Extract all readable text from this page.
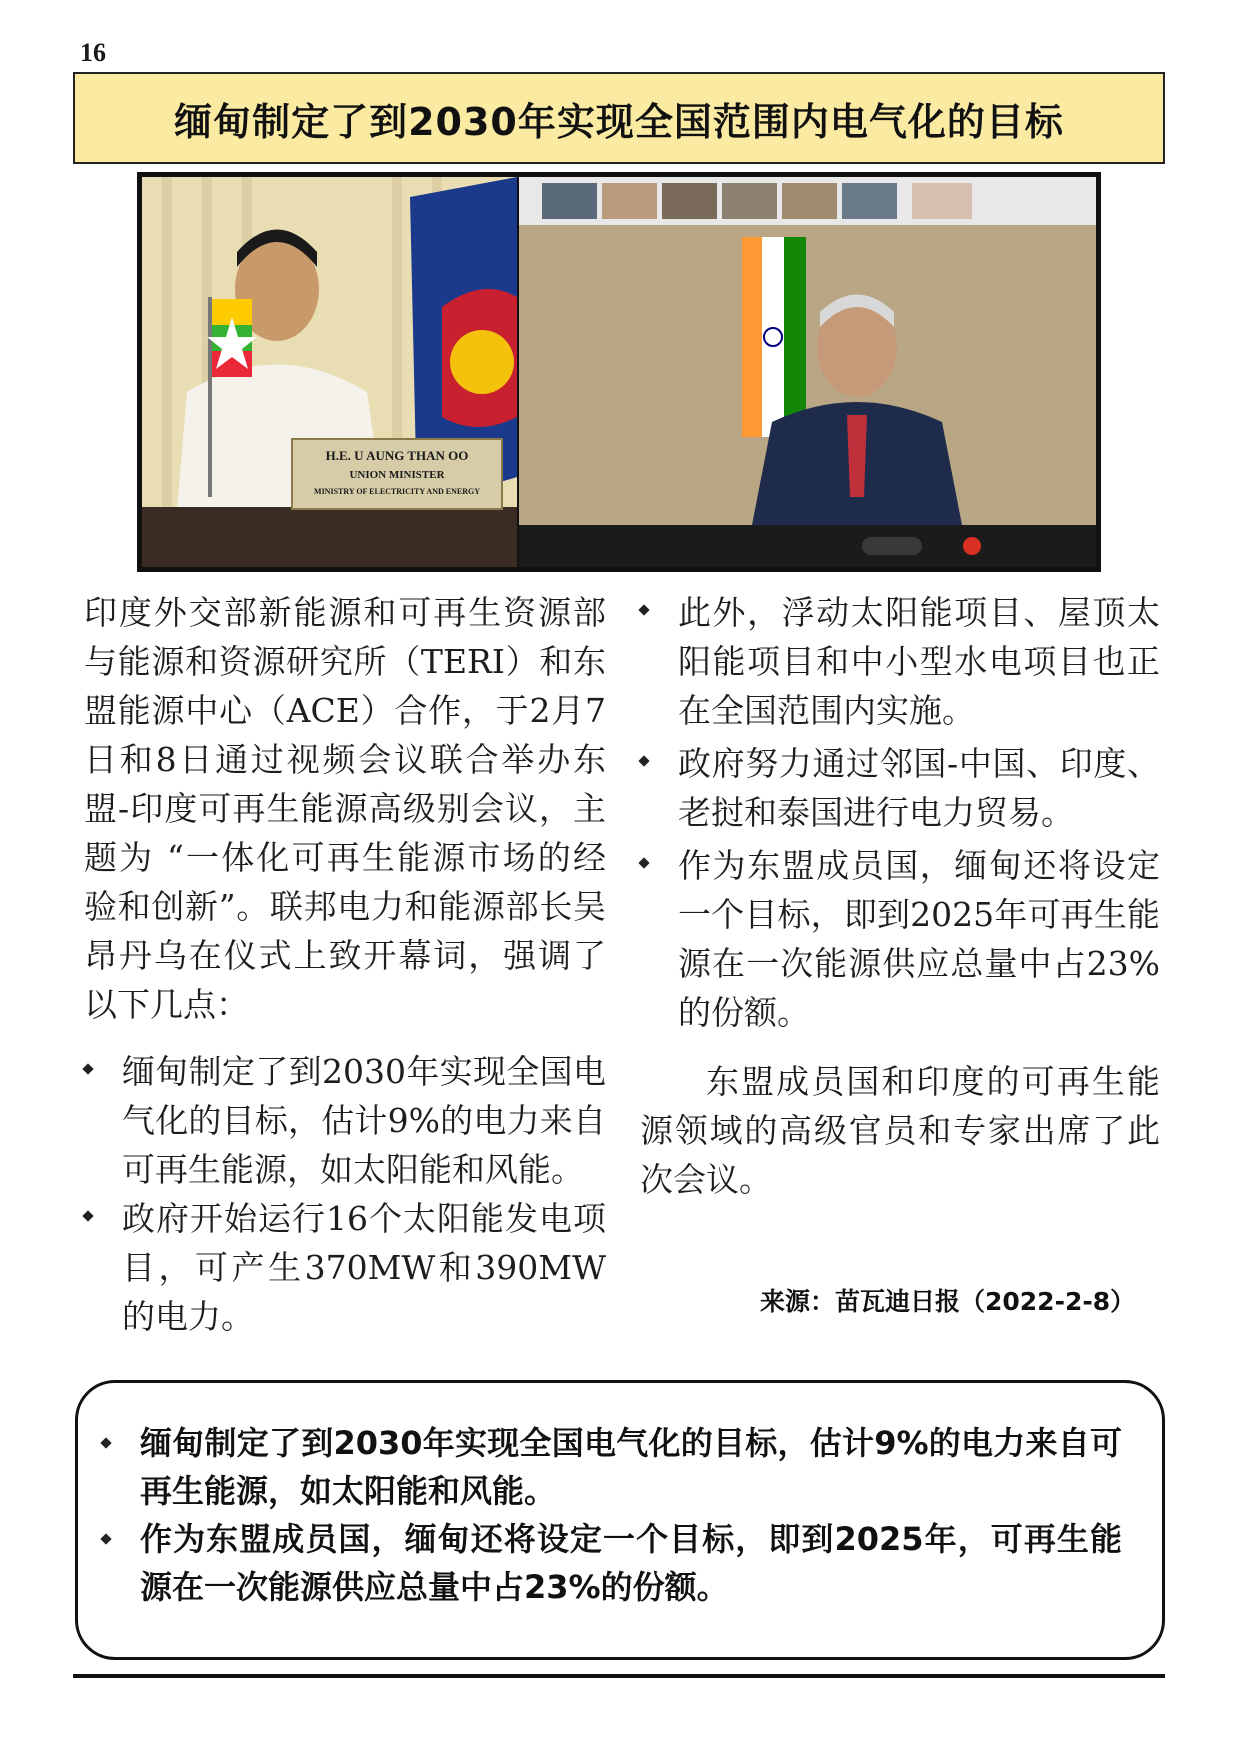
16
缅甸制定了到2030年实现全国范围内电气化的目标
H.E. U AUNG THAN OO
UNION MINISTER
MINISTRY OF ELECTRICITY AND ENERGY

印度外交部新能源和可再生资源部与能源和资源研究所（TERI）和东盟能源中心（ACE）合作，于2月7日和8日通过视频会议联合举办东盟-印度可再生能源高级别会议，主题为 “一体化可再生能源市场的经验和创新”。联邦电力和能源部长吴昂丹乌在仪式上致开幕词，强调了以下几点：

缅甸制定了到2030年实现全国电气化的目标，估计9%的电力来自可再生能源，如太阳能和风能。
政府开始运行16个太阳能发电项目，可产生370MW和390MW的电力。
此外，浮动太阳能项目、屋顶太阳能项目和中小型水电项目也正在全国范围内实施。
政府努力通过邻国-中国、印度、老挝和泰国进行电力贸易。
作为东盟成员国，缅甸还将设定一个目标，即到2025年可再生能源在一次能源供应总量中占23%的份额。

东盟成员国和印度的可再生能源领域的高级官员和专家出席了此次会议。

来源：苗瓦迪日报（2022-2-8）
缅甸制定了到2030年实现全国电气化的目标，估计9%的电力来自可再生能源，如太阳能和风能。
作为东盟成员国，缅甸还将设定一个目标，即到2025年，可再生能源在一次能源供应总量中占23%的份额。
